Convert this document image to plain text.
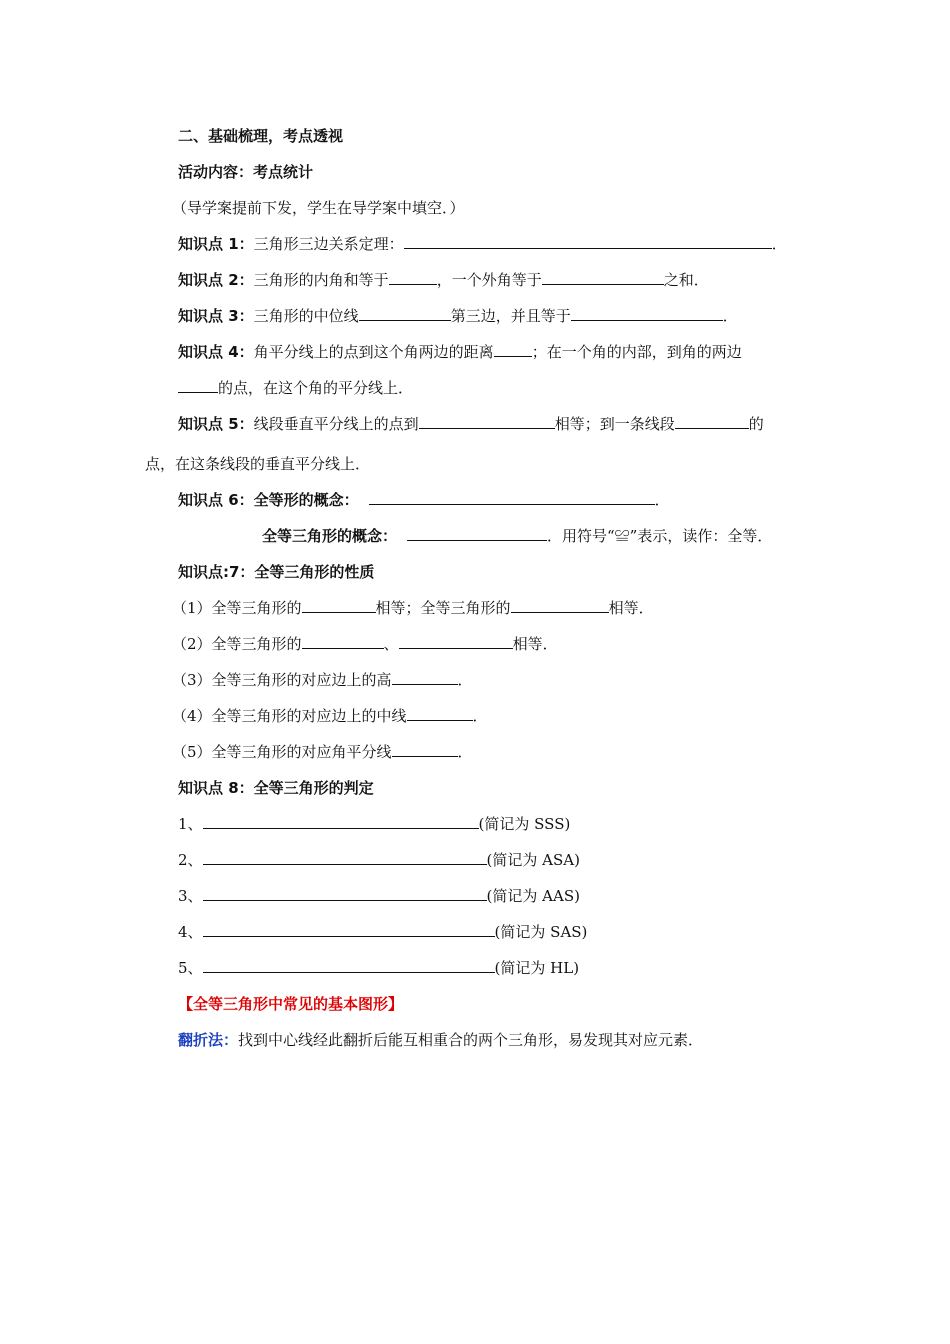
二、基础梳理，考点透视
活动内容：考点统计
（导学案提前下发，学生在导学案中填空．）
知识点 1：三角形三边关系定理：	．
知识点 2：三角形的内角和等于	，一个外角等于	之和．
知识点 3：三角形的中位线	第三边，并且等于	．
知识点 4：角平分线上的点到这个角两边的距离	；在一个角的内部，到角的两边
的点，在这个角的平分线上．
知识点 5：线段垂直平分线上的点到	相等；到一条线段	的
点，在这条线段的垂直平分线上．
知识点 6：全等形的概念：	．
全等三角形的概念：	．用符号“≌”表示，读作：全等．
知识点:7：全等三角形的性质
（1）全等三角形的	相等；全等三角形的	相等．
（2）全等三角形的	、	相等．
（3）全等三角形的对应边上的高	．
（4）全等三角形的对应边上的中线	．
（5）全等三角形的对应角平分线	．
知识点 8：全等三角形的判定
1、	(简记为 SSS)
2、	(简记为 ASA)
3、	(简记为 AAS)
4、	(简记为 SAS)
5、	(简记为 HL)
【全等三角形中常见的基本图形】
翻折法：找到中心线经此翻折后能互相重合的两个三角形，易发现其对应元素．
